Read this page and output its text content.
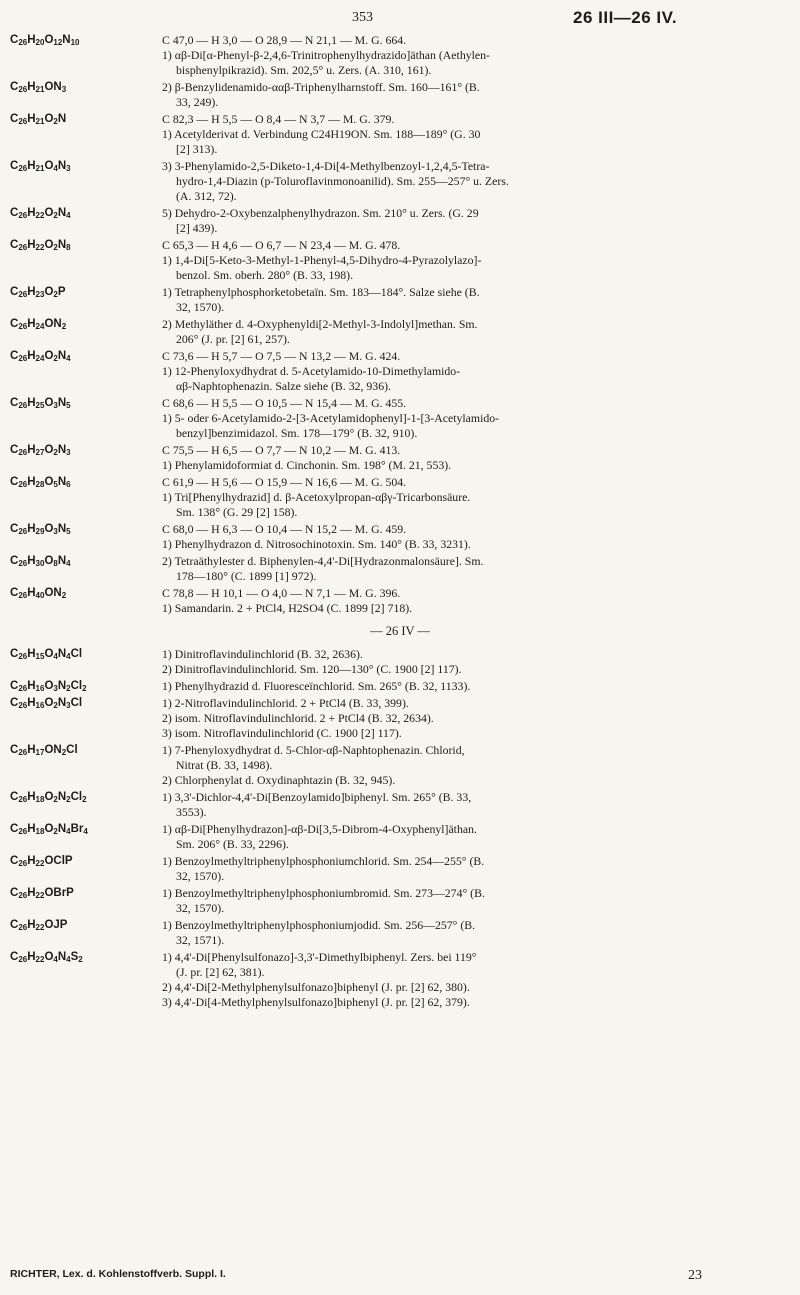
353	26 III—26 IV.
$C_{26}H_{20}O_{12}N_{10}$	C 47,0 — H 3,0 — O 28,9 — N 21,1 — M. G. 664.
1) αβ-Di[α-Phenyl-β-2,4,6-Trinitrophenylhydrazido]äthan (Aethylen-
bisphenylpikrazid). Sm. 202,5° u. Zers. (A. 310, 161).
$C_{26}H_{21}ON_3$	2) β-Benzylidenamido-ααβ-Triphenylharnstoff. Sm. 160—161° (B.
33, 249).
$C_{26}H_{21}O_2N$	C 82,3 — H 5,5 — O 8,4 — N 3,7 — M. G. 379.
1) Acetylderivat d. Verbindung C24H19ON. Sm. 188—189° (G. 30
[2] 313).
$C_{26}H_{21}O_4N_3$	3) 3-Phenylamido-2,5-Diketo-1,4-Di[4-Methylbenzoyl-1,2,4,5-Tetra-
hydro-1,4-Diazin (p-Toluroflavinmonoanilid). Sm. 255—257° u. Zers.
(A. 312, 72).
$C_{26}H_{22}O_2N_4$	5) Dehydro-2-Oxybenzalphenylhydrazon. Sm. 210° u. Zers. (G. 29
[2] 439).
$C_{26}H_{22}O_2N_8$	C 65,3 — H 4,6 — O 6,7 — N 23,4 — M. G. 478.
1) 1,4-Di[5-Keto-3-Methyl-1-Phenyl-4,5-Dihydro-4-Pyrazolylazo]-
benzol. Sm. oberh. 280° (B. 33, 198).
$C_{26}H_{23}O_2P$	1) Tetraphenylphosphorketobetaïn. Sm. 183—184°. Salze siehe (B.
32, 1570).
$C_{26}H_{24}ON_2$	2) Methyläther d. 4-Oxyphenyldi[2-Methyl-3-Indolyl]methan. Sm.
206° (J. pr. [2] 61, 257).
$C_{26}H_{24}O_2N_4$	C 73,6 — H 5,7 — O 7,5 — N 13,2 — M. G. 424.
1) 12-Phenyloxydhydrat d. 5-Acetylamido-10-Dimethylamido-
αβ-Naphtophenazin. Salze siehe (B. 32, 936).
$C_{26}H_{25}O_3N_5$	C 68,6 — H 5,5 — O 10,5 — N 15,4 — M. G. 455.
1) 5- oder 6-Acetylamido-2-[3-Acetylamidophenyl]-1-[3-Acetylamido-
benzyl]benzimidazol. Sm. 178—179° (B. 32, 910).
$C_{26}H_{27}O_2N_3$	C 75,5 — H 6,5 — O 7,7 — N 10,2 — M. G. 413.
1) Phenylamidoformiat d. Cinchonin. Sm. 198° (M. 21, 553).
$C_{26}H_{28}O_5N_6$	C 61,9 — H 5,6 — O 15,9 — N 16,6 — M. G. 504.
1) Tri[Phenylhydrazid] d. β-Acetoxylpropan-αβγ-Tricarbonsäure.
Sm. 138° (G. 29 [2] 158).
$C_{26}H_{29}O_3N_5$	C 68,0 — H 6,3 — O 10,4 — N 15,2 — M. G. 459.
1) Phenylhydrazon d. Nitrosochinotoxin. Sm. 140° (B. 33, 3231).
$C_{26}H_{30}O_8N_4$	2) Tetraäthylester d. Biphenylen-4,4'-Di[Hydrazonmalonsäure]. Sm.
178—180° (C. 1899 [1] 972).
$C_{26}H_{40}ON_2$	C 78,8 — H 10,1 — O 4,0 — N 7,1 — M. G. 396.
1) Samandarin. 2 + PtCl4, H2SO4 (C. 1899 [2] 718).
— 26 IV —
$C_{26}H_{15}O_4N_4Cl$	1) Dinitroflavindulinchlorid (B. 32, 2636).
2) Dinitroflavindulinchlorid. Sm. 120—130° (C. 1900 [2] 117).
$C_{26}H_{16}O_3N_2Cl_2$	1) Phenylhydrazid d. Fluoresceïnchlorid. Sm. 265° (B. 32, 1133).
$C_{26}H_{16}O_2N_3Cl$	1) 2-Nitroflavindulinchlorid. 2 + PtCl4 (B. 33, 399).
2) isom. Nitroflavindulinchlorid. 2 + PtCl4 (B. 32, 2634).
3) isom. Nitroflavindulinchlorid (C. 1900 [2] 117).
$C_{26}H_{17}ON_2Cl$	1) 7-Phenyloxydhydrat d. 5-Chlor-αβ-Naphtophenazin. Chlorid,
Nitrat (B. 33, 1498).
2) Chlorphenylat d. Oxydinaphtazin (B. 32, 945).
$C_{26}H_{18}O_2N_2Cl_2$	1) 3,3'-Dichlor-4,4'-Di[Benzoylamido]biphenyl. Sm. 265° (B. 33,
3553).
$C_{26}H_{18}O_2N_4Br_4$	1) αβ-Di[Phenylhydrazon]-αβ-Di[3,5-Dibrom-4-Oxyphenyl]äthan.
Sm. 206° (B. 33, 2296).
$C_{26}H_{22}OClP$	1) Benzoylmethyltriphenylphosphoniumchlorid. Sm. 254—255° (B.
32, 1570).
$C_{26}H_{22}OBrP$	1) Benzoylmethyltriphenylphosphoniumbromid. Sm. 273—274° (B.
32, 1570).
$C_{26}H_{22}OJP$	1) Benzoylmethyltriphenylphosphoniumjodid. Sm. 256—257° (B.
32, 1571).
$C_{26}H_{22}O_4N_4S_2$	1) 4,4'-Di[Phenylsulfonazo]-3,3'-Dimethylbiphenyl. Zers. bei 119°
(J. pr. [2] 62, 381).
2) 4,4'-Di[2-Methylphenylsulfonazo]biphenyl (J. pr. [2] 62, 380).
3) 4,4'-Di[4-Methylphenylsulfonazo]biphenyl (J. pr. [2] 62, 379).
RICHTER, Lex. d. Kohlenstoffverb. Suppl. I.	23
